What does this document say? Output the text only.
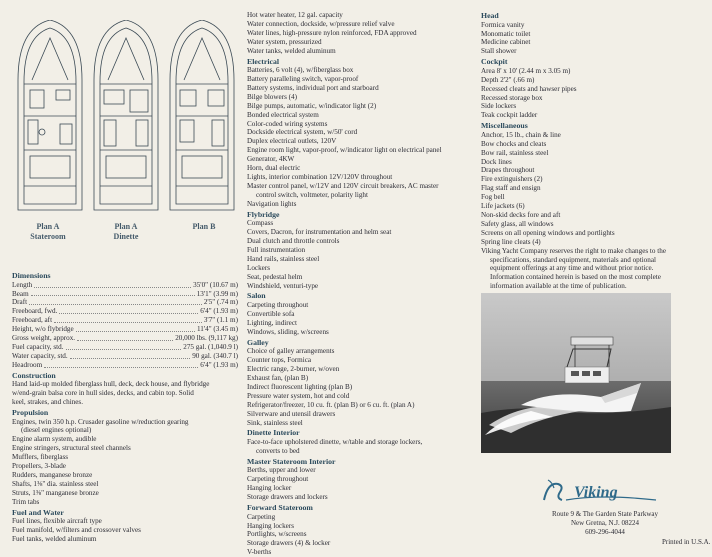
Plan A
Stateroom
Plan A
Dinette
Plan B
Dimensions
Length	35'0" (10.67 m)
Beam	13'1" (3.99 m)
Draft	2'5" (.74 m)
Freeboard, fwd.	6'4" (1.93 m)
Freeboard, aft	3'7" (1.1 m)
Height, w/o flybridge	11'4" (3.45 m)
Gross weight, approx.	20,000 lbs. (9,117 kg)
Fuel capacity, std.	275 gal. (1,040.9 l)
Water capacity, std.	90 gal. (340.7 l)
Headroom	6'4" (1.93 m)
Construction
Hand laid-up molded fiberglass hull, deck, deck house, and flybridge
w/end-grain balsa core in hull sides, decks, and cabin top. Solid
keel, strakes, and chines.
Propulsion
Engines, twin 350 h.p. Crusader gasoline w/reduction gearing
(diesel engines optional)
Engine alarm system, audible
Engine stringers, structural steel channels
Mufflers, fiberglass
Propellers, 3-blade
Rudders, manganese bronze
Shafts, 1⅜" dia. stainless steel
Struts, 1⅜" manganese bronze
Trim tabs
Fuel and Water
Fuel lines, flexible aircraft type
Fuel manifold, w/filters and crossover valves
Fuel tanks, welded aluminum
Hot water heater, 12 gal. capacity
Water connection, dockside, w/pressure relief valve
Water lines, high-pressure nylon reinforced, FDA approved
Water system, pressurized
Water tanks, welded aluminum
Electrical
Batteries, 6 volt (4), w/fiberglass box
Battery paralleling switch, vapor-proof
Battery systems, individual port and starboard
Bilge blowers (4)
Bilge pumps, automatic, w/indicator light (2)
Bonded electrical system
Color-coded wiring systems
Dockside electrical system, w/50' cord
Duplex electrical outlets, 120V
Engine room light, vapor-proof, w/indicator light on electrical panel
Generator, 4KW
Horn, dual electric
Lights, interior combination 12V/120V throughout
Master control panel, w/12V and 120V circuit breakers, AC master
control switch, voltmeter, polarity light
Navigation lights
Flybridge
Compass
Covers, Dacron, for instrumentation and helm seat
Dual clutch and throttle controls
Full instrumentation
Hand rails, stainless steel
Lockers
Seat, pedestal helm
Windshield, venturi-type
Salon
Carpeting throughout
Convertible sofa
Lighting, indirect
Windows, sliding, w/screens
Galley
Choice of galley arrangements
Counter tops, Formica
Electric range, 2-burner, w/oven
Exhaust fan, (plan B)
Indirect fluorescent lighting (plan B)
Pressure water system, hot and cold
Refrigerator/freezer, 10 cu. ft. (plan B) or 6 cu. ft. (plan A)
Silverware and utensil drawers
Sink, stainless steel
Dinette Interior
Face-to-face upholstered dinette, w/table and storage lockers,
converts to bed
Master Stateroom Interior
Berths, upper and lower
Carpeting throughout
Hanging locker
Storage drawers and lockers
Forward Stateroom
Carpeting
Hanging lockers
Portlights, w/screens
Storage drawers (4) & locker
V-berths
Head
Formica vanity
Monomatic toilet
Medicine cabinet
Stall shower
Cockpit
Area 8' x 10' (2.44 m x 3.05 m)
Depth 2'2" (.66 m)
Recessed cleats and hawser pipes
Recessed storage box
Side lockers
Teak cockpit ladder
Miscellaneous
Anchor, 15 lb., chain & line
Bow chocks and cleats
Bow rail, stainless steel
Dock lines
Drapes throughout
Fire extinguishers (2)
Flag staff and ensign
Fog bell
Life jackets (6)
Non-skid decks fore and aft
Safety glass, all windows
Screens on all opening windows and portlights
Spring line cleats (4)
Viking Yacht Company reserves the right to make changes to the
specifications, standard equipment, materials and optional
equipment offerings at any time and without prior notice.
Information contained herein is based on the most complete
information available at the time of publication.
Viking
Route 9 & The Garden State Parkway
New Gretna, N.J. 08224
609-296-4044
Printed in U.S.A.
